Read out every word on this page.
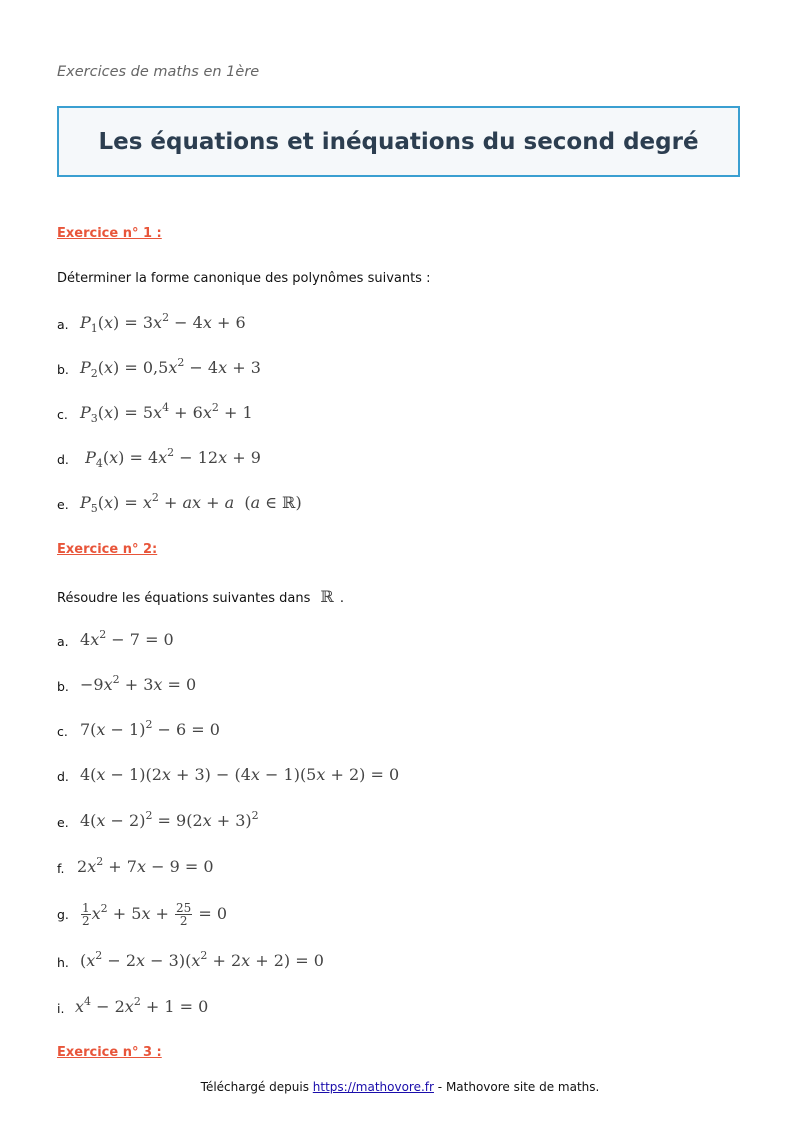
Exercices de maths en 1ère
Les équations et inéquations du second degré
Exercice n° 1 :
Déterminer la forme canonique des polynômes suivants :
a. $P_1(x) = 3x^2 - 4x + 6$
b. $P_2(x) = 0,5x^2 - 4x + 3$
c. $P_3(x) = 5x^4 + 6x^2 + 1$
d.	$P_4(x) = 4x^2 - 12x + 9$
e. $P_5(x) = x^2$ + ax + a  (a ∈ ℝ)
Exercice n° 2:
Résoudre les équations suivantes dans ℝ .
a. $4x^2 - 7 = 0$
b. $-9x^2 + 3x = 0$
c. $7(x - 1)^2 - 6 = 0$
d. 4(x − 1)(2x + 3) − (4x − 1)(5x + 2) = 0
e. $4(x - 2)^2 = 9(2x + 3)^2$
f. $2x^2 + 7x - 9 = 0$
g. $\frac{1}{2} x^2 + 5x + \frac{25}{2} = 0$
h. $(x^2 - 2x - 3)(x^2 + 2x + 2) = 0$
i. $x^4 - 2x^2 + 1 = 0$
Exercice n° 3 :
Téléchargé depuis https://mathovore.fr - Mathovore site de maths.
